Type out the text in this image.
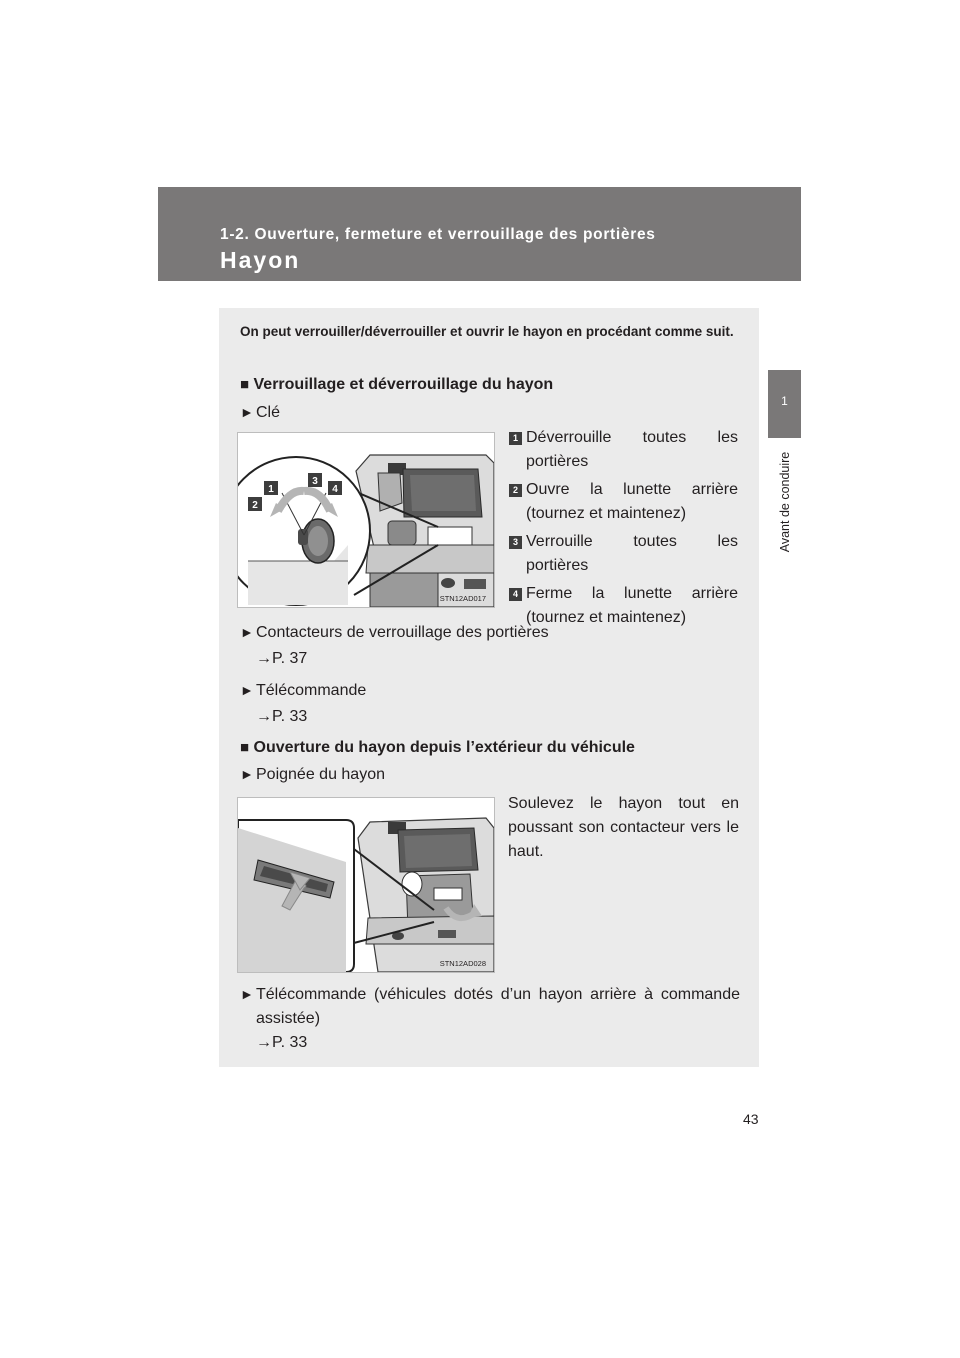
1-2. Ouverture, fermeture et verrouillage des portières
Hayon
1
Avant de conduire
43
On peut verrouiller/déverrouiller et ouvrir le hayon en procédant comme suit.
■ Verrouillage et déverrouillage du hayon
► Clé
1
2
3
4
STN12AD017
1 Déverrouille toutes les
portières
2 Ouvre la lunette arrière
(tournez et maintenez)
3 Verrouille toutes les
portières
4 Ferme la lunette arrière
(tournez et maintenez)
► Contacteurs de verrouillage des portières
→P. 37
► Télécommande
→P. 33
■ Ouverture du hayon depuis l’extérieur du véhicule
► Poignée du hayon
STN12AD028
Soulevez le hayon tout en poussant son contacteur vers le haut.
► Télécommande (véhicules dotés d’un hayon arrière à commande assistée)
→P. 33
